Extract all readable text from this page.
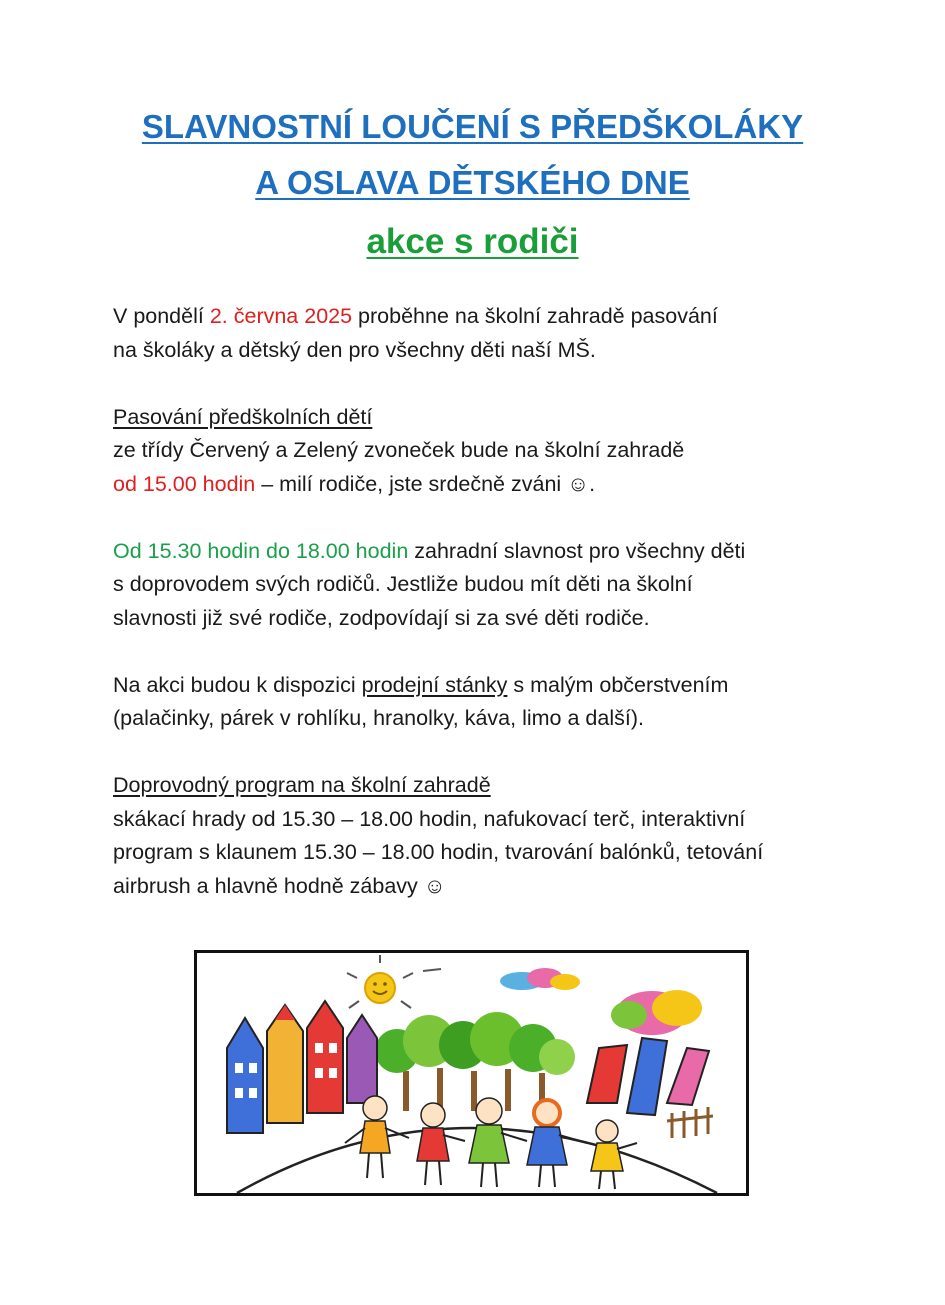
SLAVNOSTNÍ LOUČENÍ S PŘEDŠKOLÁKY
A OSLAVA DĚTSKÉHO DNE
akce s rodiči
V pondělí 2. června 2025 proběhne na školní zahradě pasování
na školáky a dětský den pro všechny děti naší MŠ.
Pasování předškolních dětí
ze třídy Červený a Zelený zvoneček bude na školní zahradě
od 15.00 hodin – milí rodiče, jste srdečně zváni ☺.
Od 15.30 hodin do 18.00 hodin zahradní slavnost pro všechny děti
s doprovodem svých rodičů. Jestliže budou mít děti na školní
slavnosti již své rodiče, zodpovídají si za své děti rodiče.
Na akci budou k dispozici prodejní stánky s malým občerstvením
(palačinky, párek v rohlíku, hranolky, káva, limo a další).
Doprovodný program na školní zahradě
skákací hrady od 15.30 – 18.00 hodin, nafukovací terč, interaktivní
program s klaunem 15.30 – 18.00 hodin, tvarování balónků, tetování
airbrush a hlavně hodně zábavy ☺
